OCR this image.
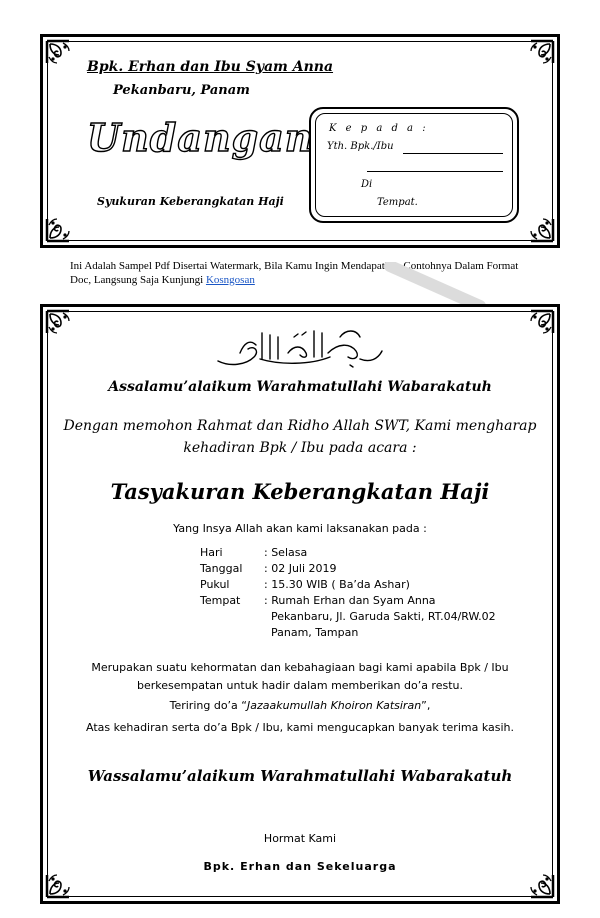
Bpk. Erhan dan Ibu Syam Anna
Pekanbaru, Panam
Undangan
Syukuran Keberangkatan Haji
K e p a d a :
Yth. Bpk./Ibu
Di
Tempat.
Ini Adalah Sampel Pdf Disertai Watermark, Bila Kamu Ingin Mendapatkan Contohnya Dalam Format Doc, Langsung Saja Kunjungi Kosngosan
Assalamu’alaikum Warahmatullahi Wabarakatuh
Dengan memohon Rahmat dan Ridho Allah SWT, Kami mengharap
kehadiran Bpk / Ibu pada acara :
Tasyakuran Keberangkatan Haji
Yang Insya Allah akan kami laksanakan pada :
Hari	: Selasa
Tanggal	: 02 Juli 2019
Pukul	: 15.30 WIB ( Ba’da Ashar)
Tempat	: Rumah Erhan dan Syam Anna
Pekanbaru, Jl. Garuda Sakti, RT.04/RW.02
Panam, Tampan
Merupakan suatu kehormatan dan kebahagiaan bagi kami apabila Bpk / Ibu
berkesempatan untuk hadir dalam memberikan do’a restu.
Teriring do’a “Jazaakumullah Khoiron Katsiran”,
Atas kehadiran serta do’a Bpk / Ibu, kami mengucapkan banyak terima kasih.
Wassalamu’alaikum Warahmatullahi Wabarakatuh
Hormat Kami
Bpk. Erhan dan Sekeluarga
